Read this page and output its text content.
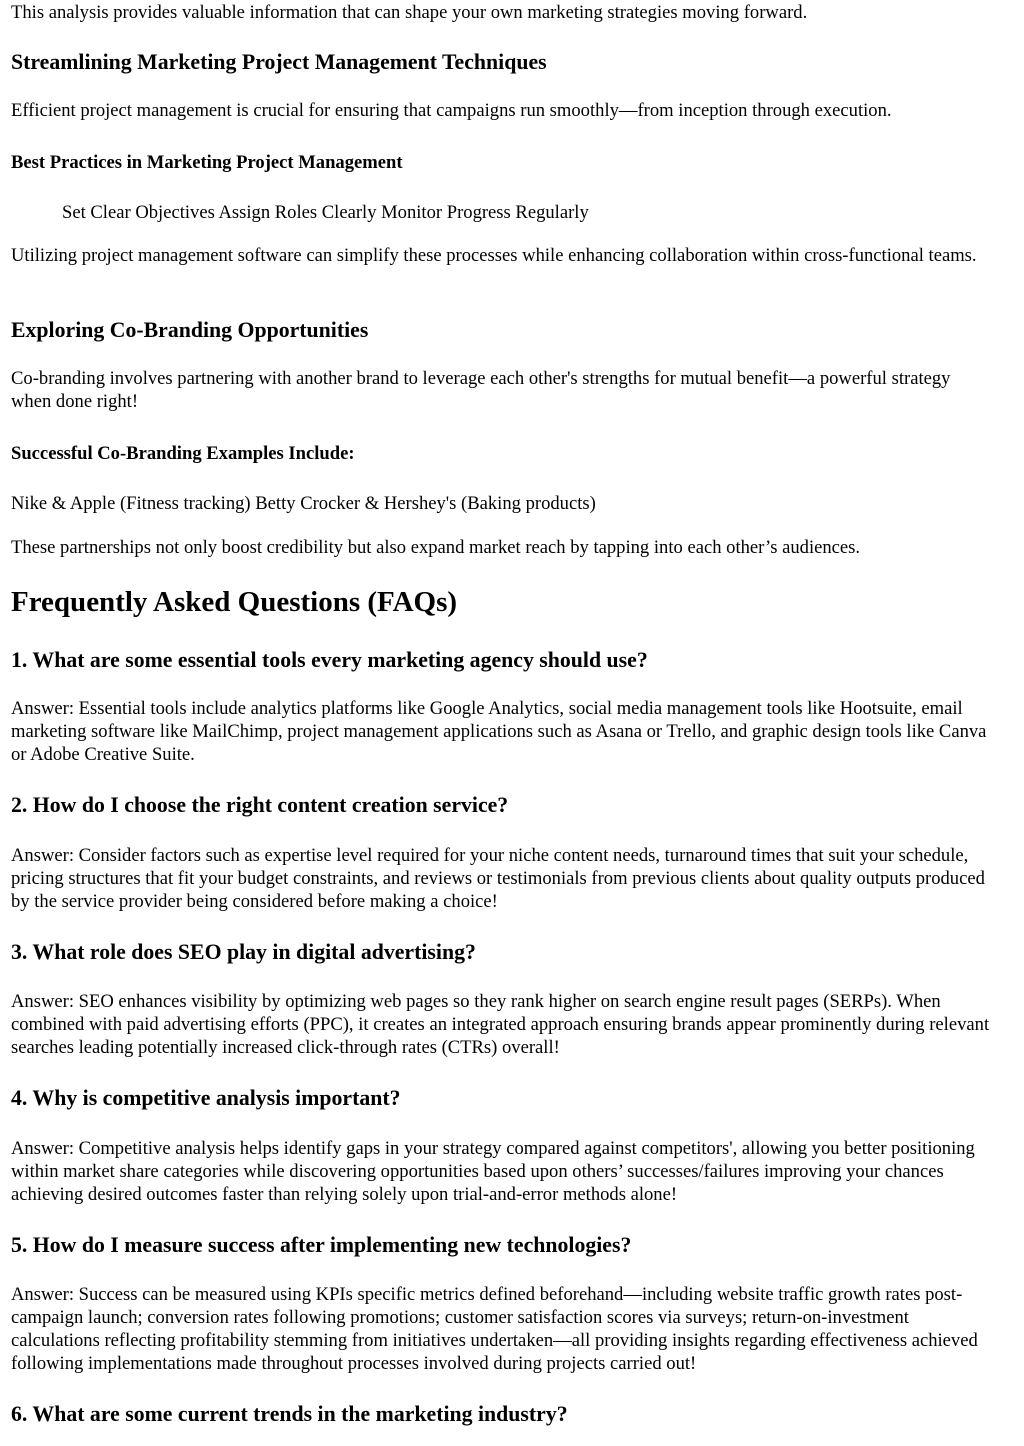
This analysis provides valuable information that can shape your own marketing strategies moving forward.

Streamlining Marketing Project Management Techniques

Efficient project management is crucial for ensuring that campaigns run smoothly—from inception through execution.

Best Practices in Marketing Project Management

Set Clear Objectives Assign Roles Clearly Monitor Progress Regularly

Utilizing project management software can simplify these processes while enhancing collaboration within cross-functional teams.

Exploring Co-Branding Opportunities

Co-branding involves partnering with another brand to leverage each other's strengths for mutual benefit—a powerful strategy when done right!

Successful Co-Branding Examples Include:

Nike & Apple (Fitness tracking) Betty Crocker & Hershey's (Baking products)

These partnerships not only boost credibility but also expand market reach by tapping into each other’s audiences.

Frequently Asked Questions (FAQs)
1. What are some essential tools every marketing agency should use?

Answer: Essential tools include analytics platforms like Google Analytics, social media management tools like Hootsuite, email marketing software like MailChimp, project management applications such as Asana or Trello, and graphic design tools like Canva or Adobe Creative Suite.

2. How do I choose the right content creation service?

Answer: Consider factors such as expertise level required for your niche content needs, turnaround times that suit your schedule, pricing structures that fit your budget constraints, and reviews or testimonials from previous clients about quality outputs produced by the service provider being considered before making a choice!

3. What role does SEO play in digital advertising?

Answer: SEO enhances visibility by optimizing web pages so they rank higher on search engine result pages (SERPs). When combined with paid advertising efforts (PPC), it creates an integrated approach ensuring brands appear prominently during relevant searches leading potentially increased click-through rates (CTRs) overall!

4. Why is competitive analysis important?

Answer: Competitive analysis helps identify gaps in your strategy compared against competitors', allowing you better positioning within market share categories while discovering opportunities based upon others’ successes/failures improving your chances achieving desired outcomes faster than relying solely upon trial-and-error methods alone!

5. How do I measure success after implementing new technologies?

Answer: Success can be measured using KPIs specific metrics defined beforehand—including website traffic growth rates post-campaign launch; conversion rates following promotions; customer satisfaction scores via surveys; return-on-investment calculations reflecting profitability stemming from initiatives undertaken—all providing insights regarding effectiveness achieved following implementations made throughout processes involved during projects carried out!

6. What are some current trends in the marketing industry?
